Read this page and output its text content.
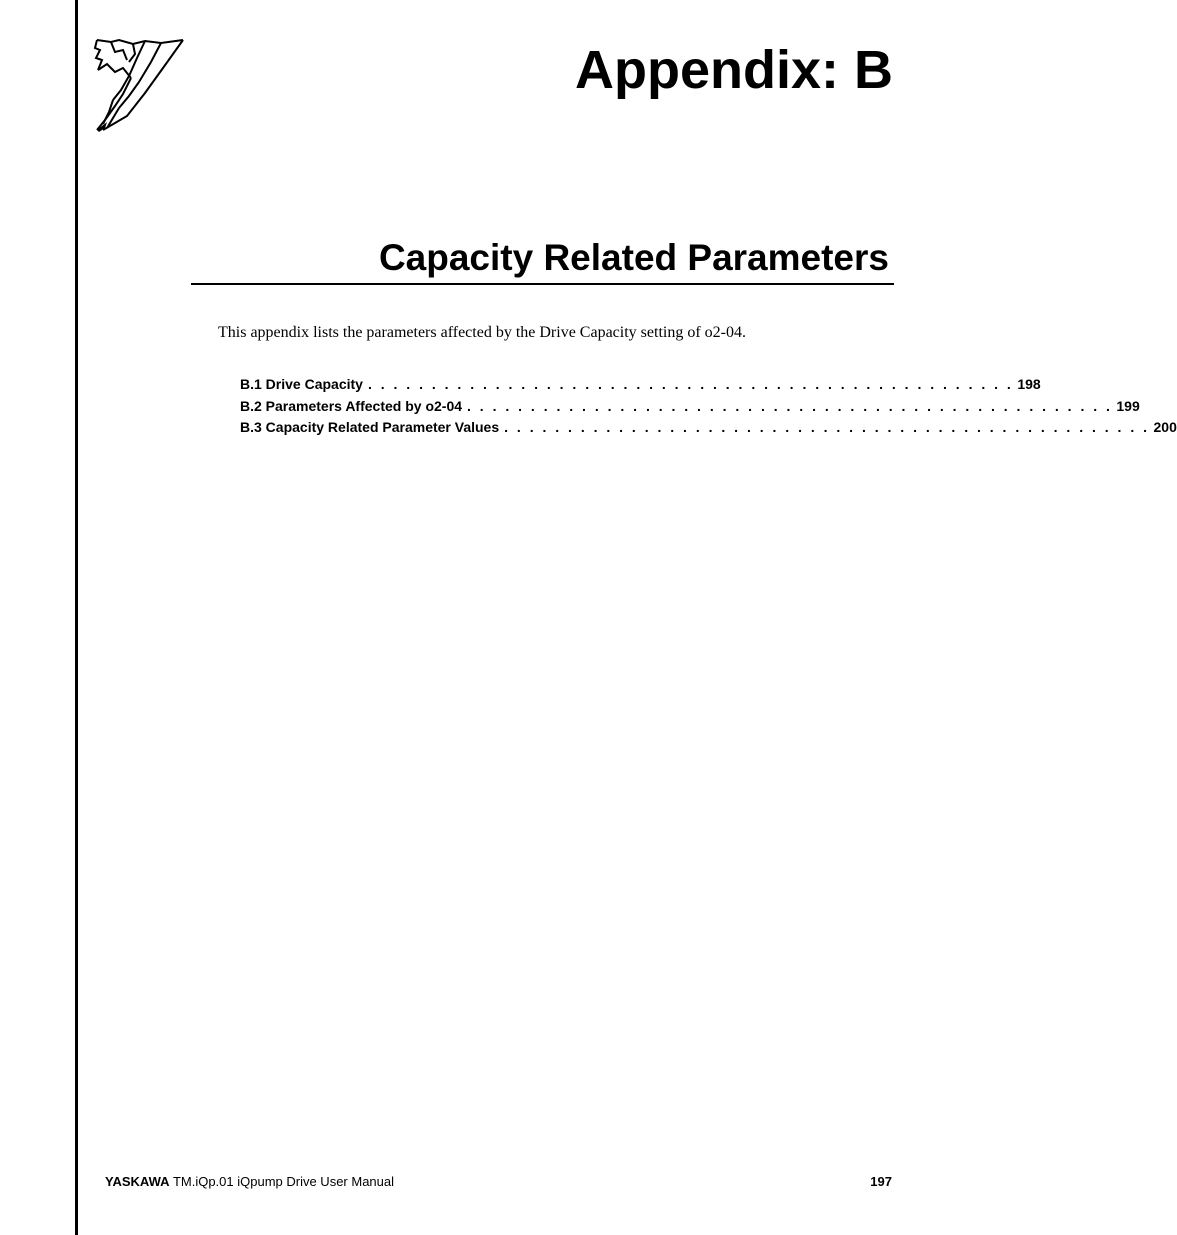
Appendix: B
Capacity Related Parameters

This appendix lists the parameters affected by the Drive Capacity setting of o2-04.

B.1 Drive Capacity . . . . . . . . . . . . . . . . . . . . . . . . . . . . . . . . . . . . . . . . . . . . . . . . . . . 198
B.2 Parameters Affected by o2-04 . . . . . . . . . . . . . . . . . . . . . . . . . . . . . . . . . . . . . . . . . . . . . . . . . . . 199
B.3 Capacity Related Parameter Values . . . . . . . . . . . . . . . . . . . . . . . . . . . . . . . . . . . . . . . . . . . . . . . . . . . 200
YASKAWA TM.iQp.01 iQpump Drive User Manual	197
